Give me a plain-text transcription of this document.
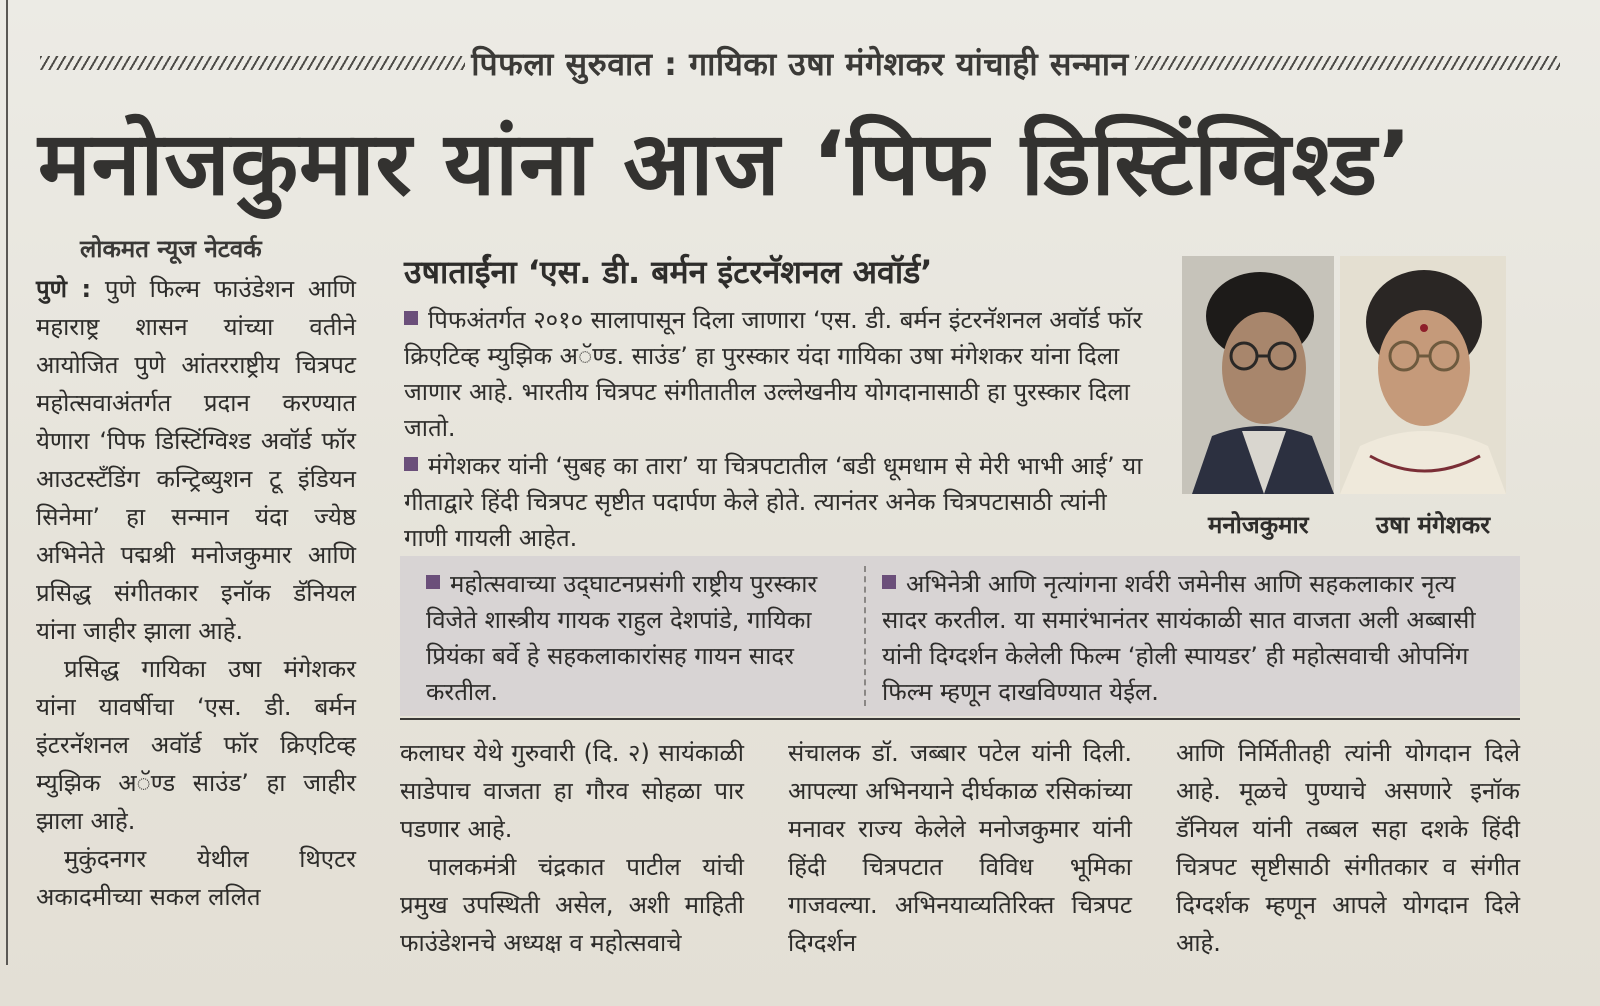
पिफला सुरुवात : गायिका उषा मंगेशकर यांचाही सन्मान
मनोजकुमार यांना आज ‘पिफ डिस्टिंग्विश्ड’
लोकमत न्यूज नेटवर्क

पुणे : पुणे फिल्म फाउंडेशन आणि महाराष्ट्र शासन यांच्या वतीने आयोजित पुणे आंतरराष्ट्रीय चित्रपट महोत्सवाअंतर्गत प्रदान करण्यात येणारा ‘पिफ डिस्टिंग्विश्ड अवॉर्ड फॉर आउटस्टॅंडिंग कन्ट्रिब्युशन टू इंडियन सिनेमा’ हा सन्मान यंदा ज्येष्ठ अभिनेते पद्मश्री मनोजकुमार आणि प्रसिद्ध संगीतकार इनॉक डॅनियल यांना जाहीर झाला आहे.

प्रसिद्ध गायिका उषा मंगेशकर यांना यावर्षीचा ‘एस. डी. बर्मन इंटरनॅशनल अवॉर्ड फॉर क्रिएटिव्ह म्युझिक अॅण्ड साउंड’ हा जाहीर झाला आहे.

मुकुंदनगर येथील थिएटर अकादमीच्या सकल ललित

उषाताईंना ‘एस. डी. बर्मन इंटरनॅशनल अवॉर्ड’
पिफअंतर्गत २०१० सालापासून दिला जाणारा ‘एस. डी. बर्मन इंटरनॅशनल अवॉर्ड फॉर क्रिएटिव्ह म्युझिक अॅण्ड. साउंड’ हा पुरस्कार यंदा गायिका उषा मंगेशकर यांना दिला जाणार आहे. भारतीय चित्रपट संगीतातील उल्लेखनीय योगदानासाठी हा पुरस्कार दिला जातो.
मंगेशकर यांनी ‘सुबह का तारा’ या चित्रपटातील ‘बडी धूमधाम से मेरी भाभी आई’ या गीताद्वारे हिंदी चित्रपट सृष्टीत पदार्पण केले होते. त्यानंतर अनेक चित्रपटासाठी त्यांनी गाणी गायली आहेत.	मनोजकुमार	उषा मंगेशकर
महोत्सवाच्या उद्‌घाटनप्रसंगी राष्ट्रीय पुरस्कार विजेते शास्त्रीय गायक राहुल देशपांडे, गायिका प्रियंका बर्वे हे सहकलाकारांसह गायन सादर करतील.
अभिनेत्री आणि नृत्यांगना शर्वरी जमेनीस आणि सहकलाकार नृत्य सादर करतील. या समारंभानंतर सायंकाळी सात वाजता अली अब्बासी यांनी दिग्दर्शन केलेली फिल्म ‘होली स्पायडर’ ही महोत्सवाची ओपनिंग फिल्म म्हणून दाखविण्यात येईल.

कलाघर येथे गुरुवारी (दि. २) सायंकाळी साडेपाच वाजता हा गौरव सोहळा पार पडणार आहे.

पालकमंत्री चंद्रकात पाटील यांची प्रमुख उपस्थिती असेल, अशी माहिती फाउंडेशनचे अध्यक्ष व महोत्सवाचे

संचालक डॉ. जब्बार पटेल यांनी दिली. आपल्या अभिनयाने दीर्घकाळ रसिकांच्या मनावर राज्य केलेले मनोजकुमार यांनी हिंदी चित्रपटात विविध भूमिका गाजवल्या. अभिनयाव्यतिरिक्त चित्रपट दिग्दर्शन

आणि निर्मितीतही त्यांनी योगदान दिले आहे. मूळचे पुण्याचे असणारे इनॉक डॅनियल यांनी तब्बल सहा दशके हिंदी चित्रपट सृष्टीसाठी संगीतकार व संगीत दिग्दर्शक म्हणून आपले योगदान दिले आहे.
